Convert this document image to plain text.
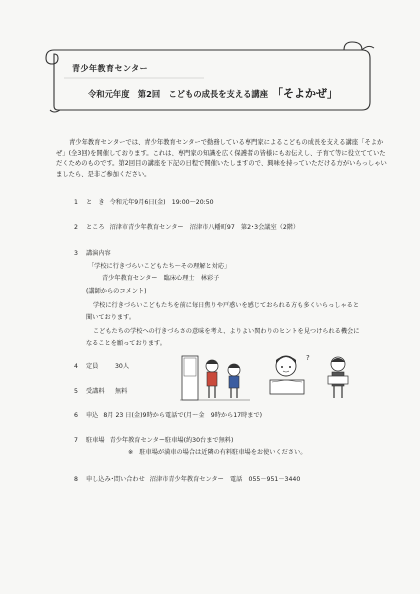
青少年教育センター
令和元年度　第2回　こどもの成長を支える講座 「そよかぜ」
青少年教育センターでは、青少年教育センターで勤務している専門家によるこどもの成長を支える講座「そよかぜ」(全3回)を開催しております。これは、専門家の知識を広く保護者の皆様にもお伝えし、子育て等に役立てていただくためのものです。第2回目の講座を下記の日程で開催いたしますので、興味を持っていただける方がいらっしゃいましたら、是非ご参加ください。
1 と　き 令和元年9月6日(金)　19:00～20:50
2 ところ 沼津市青少年教育センター　沼津市八幡町97　第2･3会議室（2階）
3 講演内容
「学校に行きづらいこどもたち～その理解と対応」
青少年教育センター　臨床心理士　林彩子
(講師からのコメント)
学校に行きづらいこどもたちを前に毎日焦りや戸惑いを感じておられる方も多くいらっしゃると
聞いております。
こどもたちの学校への行きづらさの意味を考え、よりよい関わりのヒントを見つけられる機会に
なることを願っております。
4 定員	30人
5 受講料 無料
?
6 申込 8月 23 日(金)9時から電話で(月～金　9時から17時まで)
7 駐車場 青少年教育センター駐車場(約30台まで無料)
※　駐車場が満車の場合は近隣の有料駐車場をお使いください。
8 申し込み･問い合わせ 沼津市青少年教育センター　電話　055－951－3440
